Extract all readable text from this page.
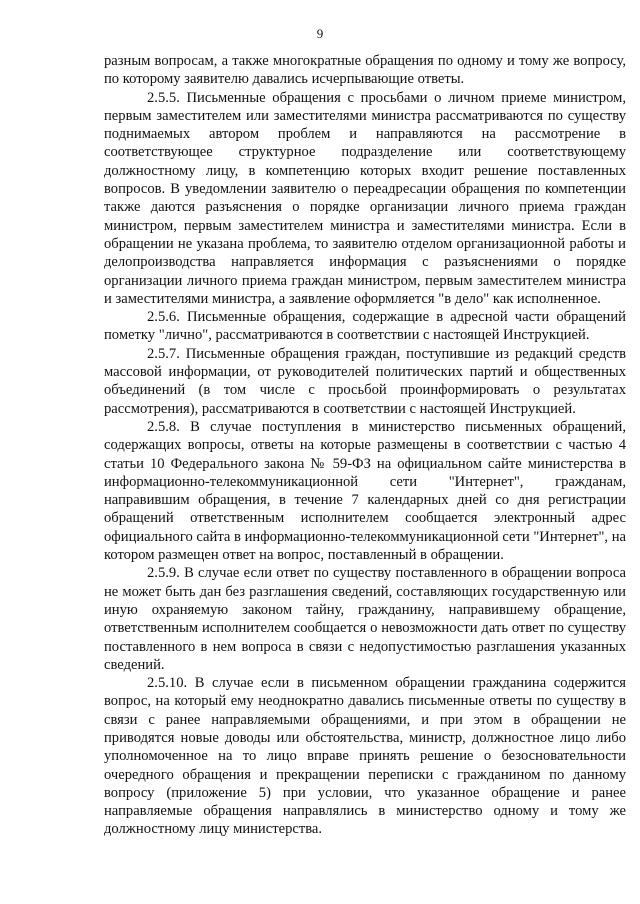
9

разным вопросам, а также многократные обращения по одному и тому же вопросу, по которому заявителю давались исчерпывающие ответы.

2.5.5. Письменные обращения с просьбами о личном приеме министром, первым заместителем или заместителями министра рассматриваются по существу поднимаемых автором проблем и направляются на рассмотрение в соответствующее структурное подразделение или соответствующему должностному лицу, в компетенцию которых входит решение поставленных вопросов. В уведомлении заявителю о переадресации обращения по компетенции также даются разъяснения о порядке организации личного приема граждан министром, первым заместителем министра и заместителями министра. Если в обращении не указана проблема, то заявителю отделом организационной работы и делопроизводства направляется информация с разъяснениями о порядке организации личного приема граждан министром, первым заместителем министра и заместителями министра, а заявление оформляется "в дело" как исполненное.

2.5.6. Письменные обращения, содержащие в адресной части обращений пометку "лично", рассматриваются в соответствии с настоящей Инструкцией.

2.5.7. Письменные обращения граждан, поступившие из редакций средств массовой информации, от руководителей политических партий и общественных объединений (в том числе с просьбой проинформировать о результатах рассмотрения), рассматриваются в соответствии с настоящей Инструкцией.

2.5.8. В случае поступления в министерство письменных обращений, содержащих вопросы, ответы на которые размещены в соответствии с частью 4 статьи 10 Федерального закона № 59-ФЗ на официальном сайте министерства в информационно-телекоммуникационной сети "Интернет", гражданам, направившим обращения, в течение 7 календарных дней со дня регистрации обращений ответственным исполнителем сообщается электронный адрес официального сайта в информационно-телекоммуникационной сети "Интернет", на котором размещен ответ на вопрос, поставленный в обращении.

2.5.9. В случае если ответ по существу поставленного в обращении вопроса не может быть дан без разглашения сведений, составляющих государственную или иную охраняемую законом тайну, гражданину, направившему обращение, ответственным исполнителем сообщается о невозможности дать ответ по существу поставленного в нем вопроса в связи с недопустимостью разглашения указанных сведений.

2.5.10. В случае если в письменном обращении гражданина содержится вопрос, на который ему неоднократно давались письменные ответы по существу в связи с ранее направляемыми обращениями, и при этом в обращении не приводятся новые доводы или обстоятельства, министр, должностное лицо либо уполномоченное на то лицо вправе принять решение о безосновательности очередного обращения и прекращении переписки с гражданином по данному вопросу (приложение 5) при условии, что указанное обращение и ранее направляемые обращения направлялись в министерство одному и тому же должностному лицу министерства.
